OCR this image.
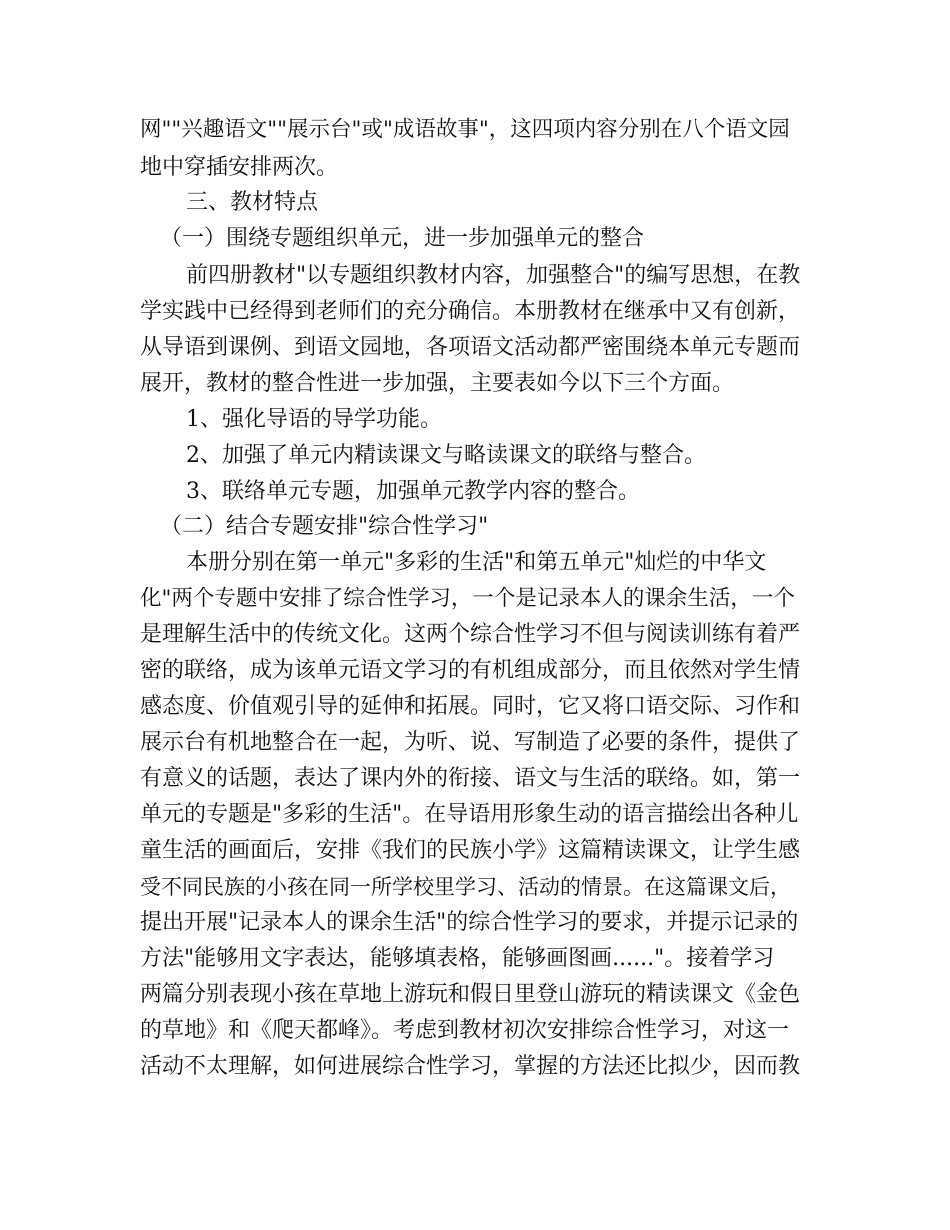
网""兴趣语文""展示台"或"成语故事"，这四项内容分别在八个语文园
地中穿插安排两次。
三、教材特点
（一）围绕专题组织单元，进一步加强单元的整合
前四册教材"以专题组织教材内容，加强整合"的编写思想，在教
学实践中已经得到老师们的充分确信。本册教材在继承中又有创新，
从导语到课例、到语文园地，各项语文活动都严密围绕本单元专题而
展开，教材的整合性进一步加强，主要表如今以下三个方面。
1、强化导语的导学功能。
2、加强了单元内精读课文与略读课文的联络与整合。
3、联络单元专题，加强单元教学内容的整合。
（二）结合专题安排"综合性学习"
本册分别在第一单元"多彩的生活"和第五单元"灿烂的中华文
化"两个专题中安排了综合性学习，一个是记录本人的课余生活，一个
是理解生活中的传统文化。这两个综合性学习不但与阅读训练有着严
密的联络，成为该单元语文学习的有机组成部分，而且依然对学生情
感态度、价值观引导的延伸和拓展。同时，它又将口语交际、习作和
展示台有机地整合在一起，为听、说、写制造了必要的条件，提供了
有意义的话题，表达了课内外的衔接、语文与生活的联络。如，第一
单元的专题是"多彩的生活"。在导语用形象生动的语言描绘出各种儿
童生活的画面后，安排《我们的民族小学》这篇精读课文，让学生感
受不同民族的小孩在同一所学校里学习、活动的情景。在这篇课文后，
提出开展"记录本人的课余生活"的综合性学习的要求，并提示记录的
方法"能够用文字表达，能够填表格，能够画图画......"。接着学习
两篇分别表现小孩在草地上游玩和假日里登山游玩的精读课文《金色
的草地》和《爬天都峰》。考虑到教材初次安排综合性学习，对这一
活动不太理解，如何进展综合性学习，掌握的方法还比拟少，因而教
